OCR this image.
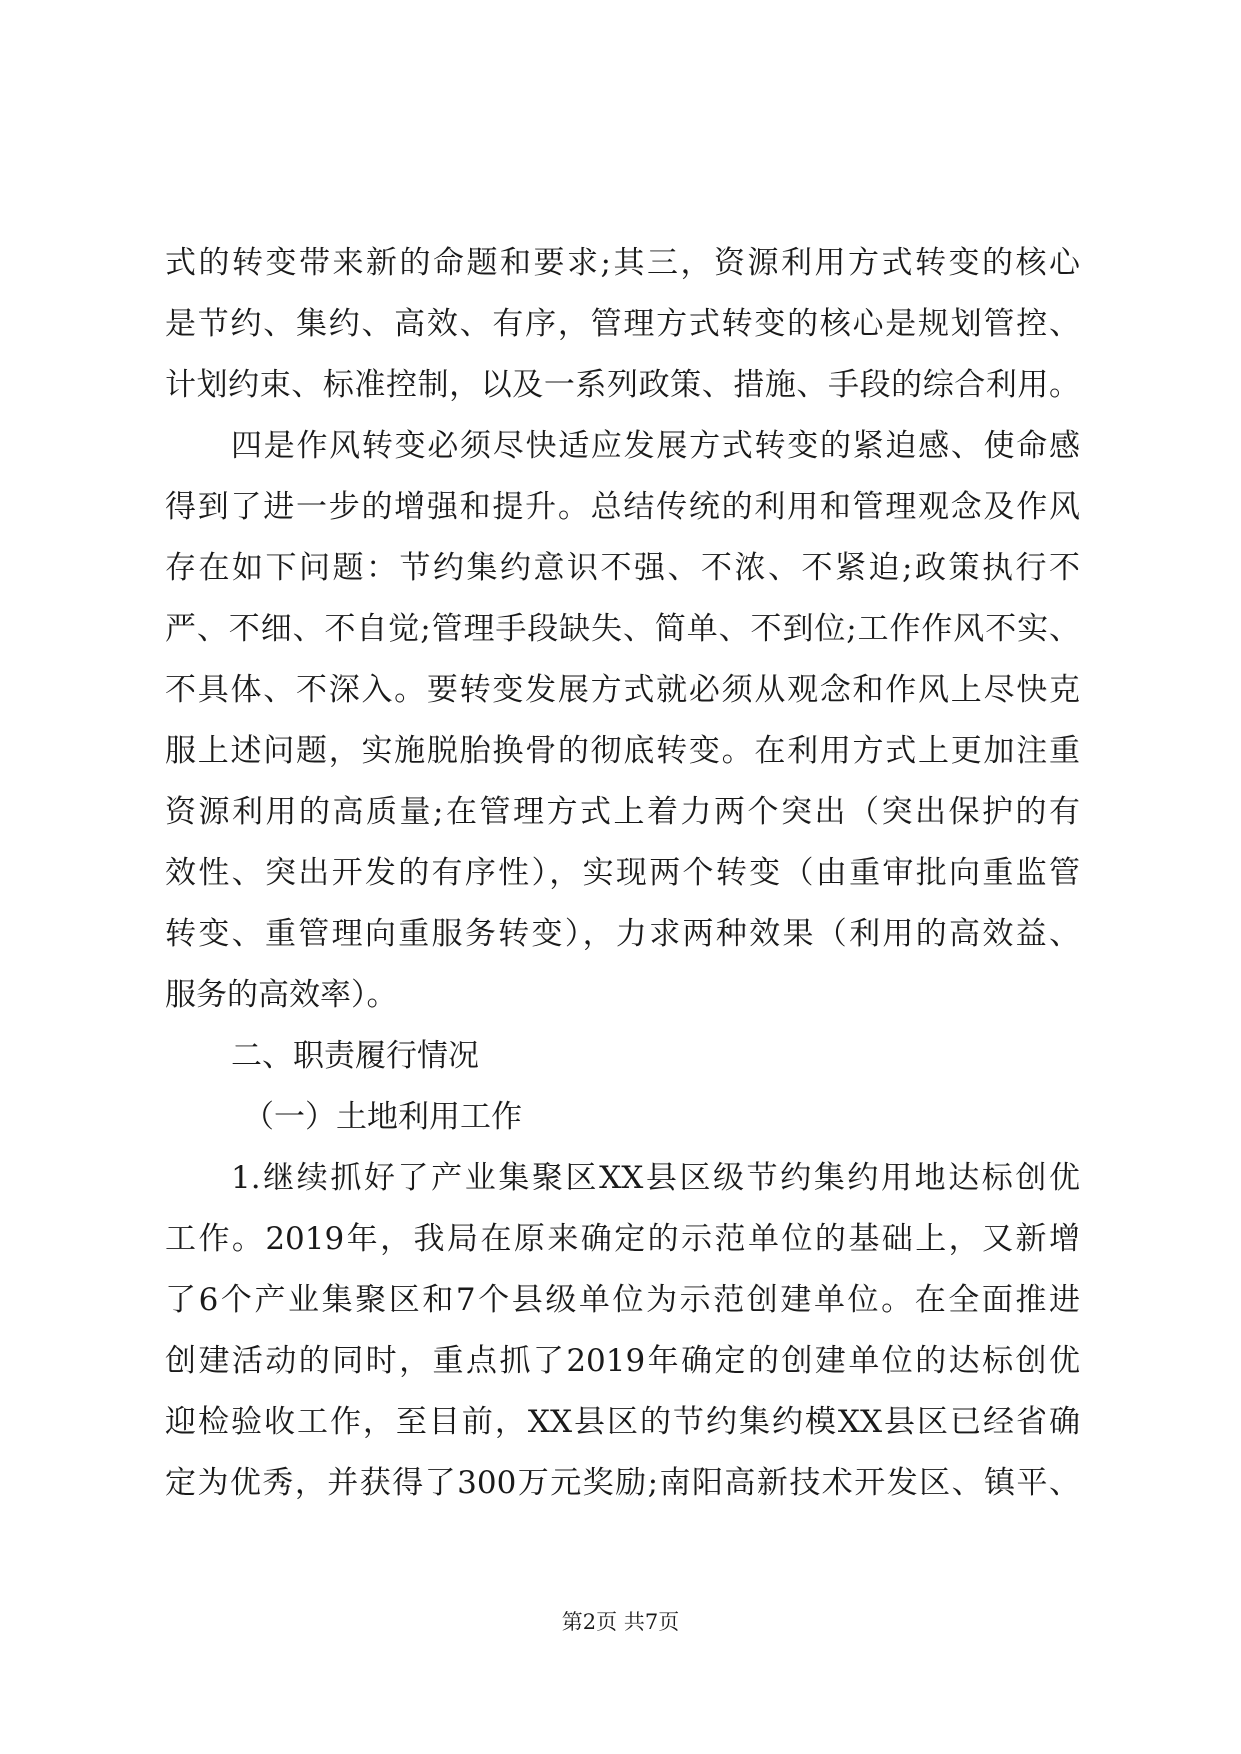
式的转变带来新的命题和要求;其三，资源利用方式转变的核心
是节约、集约、高效、有序，管理方式转变的核心是规划管控、
计划约束、标准控制，以及一系列政策、措施、手段的综合利用。
四是作风转变必须尽快适应发展方式转变的紧迫感、使命感
得到了进一步的增强和提升。总结传统的利用和管理观念及作风
存在如下问题：节约集约意识不强、不浓、不紧迫;政策执行不
严、不细、不自觉;管理手段缺失、简单、不到位;工作作风不实、
不具体、不深入。要转变发展方式就必须从观念和作风上尽快克
服上述问题，实施脱胎换骨的彻底转变。在利用方式上更加注重
资源利用的高质量;在管理方式上着力两个突出（突出保护的有
效性、突出开发的有序性），实现两个转变（由重审批向重监管
转变、重管理向重服务转变），力求两种效果（利用的高效益、
服务的高效率）。
二、职责履行情况
（一）土地利用工作
1.继续抓好了产业集聚区XX县区级节约集约用地达标创优
工作。2019年，我局在原来确定的示范单位的基础上，又新增
了6个产业集聚区和7个县级单位为示范创建单位。在全面推进
创建活动的同时，重点抓了2019年确定的创建单位的达标创优
迎检验收工作，至目前，XX县区的节约集约模XX县区已经省确
定为优秀，并获得了300万元奖励;南阳高新技术开发区、镇平、
第2页 共7页
